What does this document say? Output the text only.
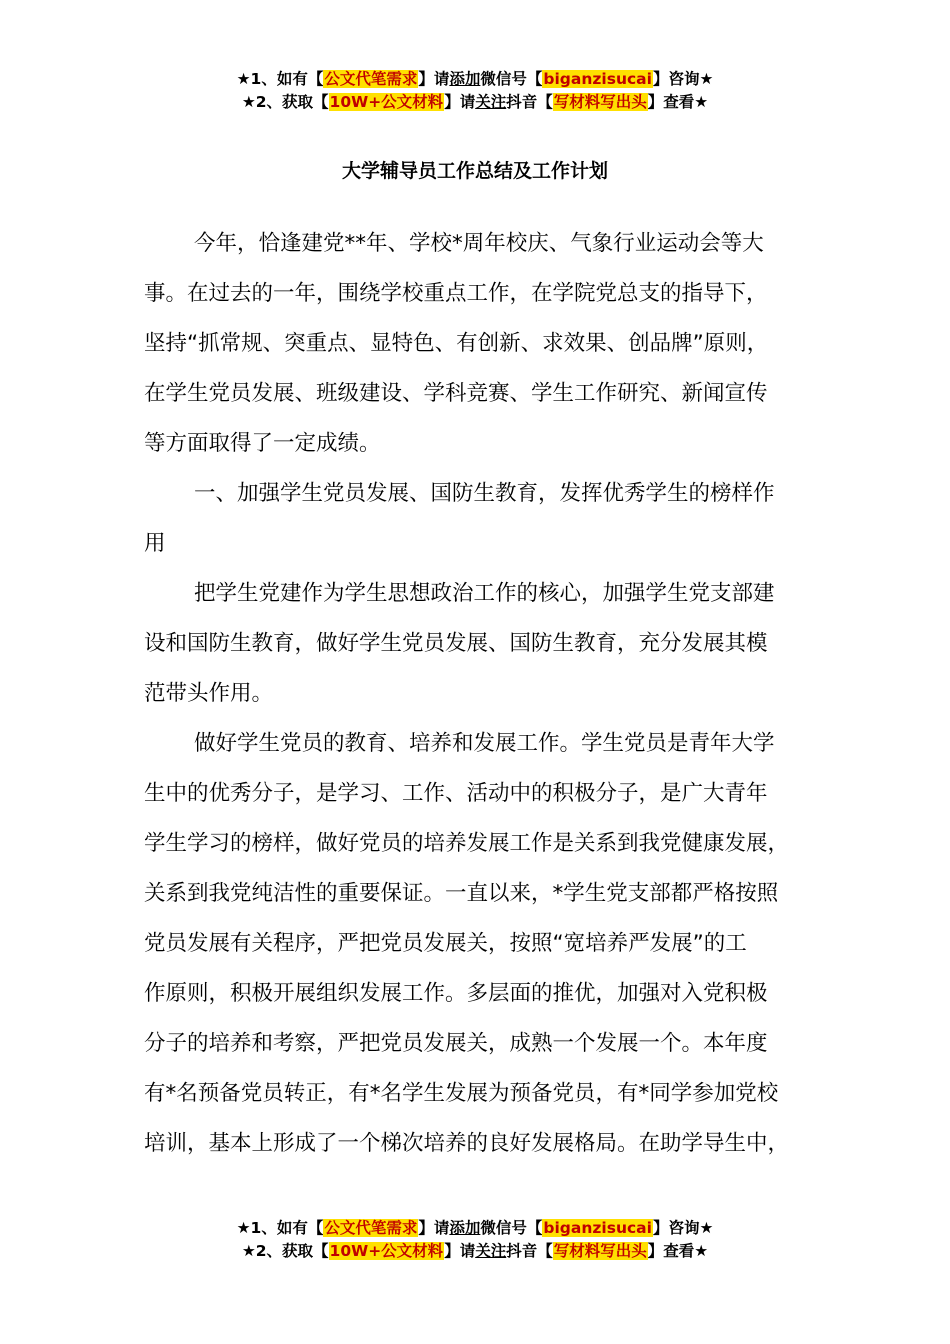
★1、如有【公文代笔需求】请添加微信号【biganzisucai】咨询★
★2、获取【10W+公文材料】请关注抖音【写材料写出头】查看★
大学辅导员工作总结及工作计划
今年，恰逢建党**年、学校*周年校庆、气象行业运动会等大
事。在过去的一年，围绕学校重点工作，在学院党总支的指导下，
坚持“抓常规、突重点、显特色、有创新、求效果、创品牌”原则，
在学生党员发展、班级建设、学科竞赛、学生工作研究、新闻宣传
等方面取得了一定成绩。
一、加强学生党员发展、国防生教育，发挥优秀学生的榜样作
用
把学生党建作为学生思想政治工作的核心，加强学生党支部建
设和国防生教育，做好学生党员发展、国防生教育，充分发展其模
范带头作用。
做好学生党员的教育、培养和发展工作。学生党员是青年大学
生中的优秀分子，是学习、工作、活动中的积极分子，是广大青年
学生学习的榜样，做好党员的培养发展工作是关系到我党健康发展，
关系到我党纯洁性的重要保证。一直以来，*学生党支部都严格按照
党员发展有关程序，严把党员发展关，按照“宽培养严发展”的工
作原则，积极开展组织发展工作。多层面的推优，加强对入党积极
分子的培养和考察，严把党员发展关，成熟一个发展一个。本年度
有*名预备党员转正，有*名学生发展为预备党员，有*同学参加党校
培训，基本上形成了一个梯次培养的良好发展格局。在助学导生中，
★1、如有【公文代笔需求】请添加微信号【biganzisucai】咨询★
★2、获取【10W+公文材料】请关注抖音【写材料写出头】查看★
